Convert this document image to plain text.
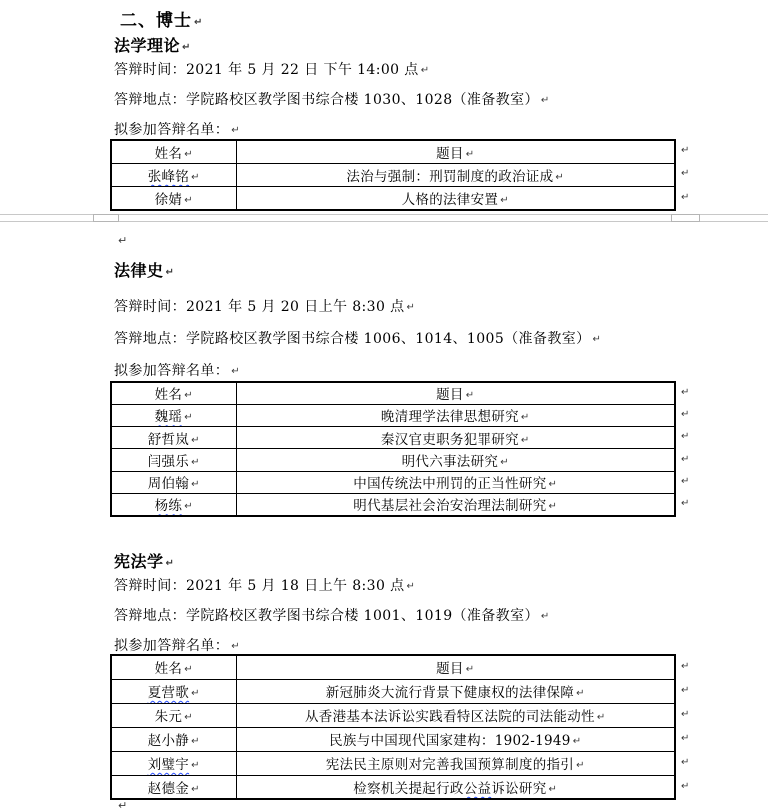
二、博士 ↵
法学理论 ↵
答辩时间：2021 年 5 月 22 日 下午 14:00 点 ↵
答辩地点：学院路校区教学图书综合楼 1030、1028（准备教室） ↵
拟参加答辩名单： ↵
姓名 ↵	题目 ↵
张峰铭 ↵	法治与强制：刑罚制度的政治证成 ↵
徐婧 ↵	人格的法律安置 ↵
↵
↵
↵
↵
法律史 ↵
答辩时间：2021 年 5 月 20 日上午 8:30 点 ↵
答辩地点：学院路校区教学图书综合楼 1006、1014、1005（准备教室） ↵
拟参加答辩名单： ↵
姓名 ↵	题目 ↵
魏瑶 ↵	晚清理学法律思想研究 ↵
舒哲岚 ↵	秦汉官吏职务犯罪研究 ↵
闫强乐 ↵	明代六事法研究 ↵
周伯翰 ↵	中国传统法中刑罚的正当性研究 ↵
杨练 ↵	明代基层社会治安治理法制研究 ↵
↵
↵
↵
↵
↵
↵
宪法学 ↵
答辩时间：2021 年 5 月 18 日上午 8:30 点 ↵
答辩地点：学院路校区教学图书综合楼 1001、1019（准备教室） ↵
拟参加答辩名单： ↵
姓名 ↵	题目 ↵
夏营歌 ↵	新冠肺炎大流行背景下健康权的法律保障 ↵
朱元 ↵	从香港基本法诉讼实践看特区法院的司法能动性 ↵
赵小静 ↵	民族与中国现代国家建构：1902-1949 ↵
刘璧宇 ↵	宪法民主原则对完善我国预算制度的指引 ↵
赵德金 ↵	检察机关提起行政公益诉讼研究 ↵
↵
↵
↵
↵
↵
↵
↵
